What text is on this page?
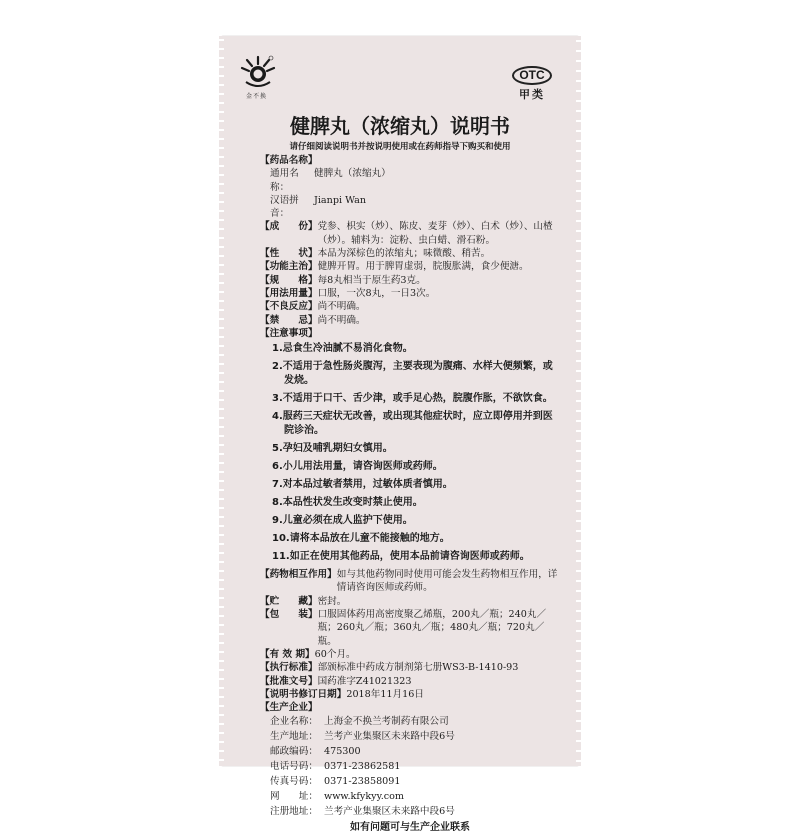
金不换
OTC
甲类
健脾丸（浓缩丸）说明书
请仔细阅读说明书并按说明使用或在药师指导下购买和使用
【药品名称】
通用名称：
健脾丸（浓缩丸）
汉语拼音：
Jianpi Wan
【成　　份】 党参、枳实（炒）、陈皮、麦芽（炒）、白术（炒）、山楂（炒）。辅料为：淀粉、虫白蜡、滑石粉。
【性　　状】 本品为深棕色的浓缩丸；味微酸、稍苦。
【功能主治】 健脾开胃。用于脾胃虚弱，脘腹胀满，食少便溏。
【规　　格】 每8丸相当于原生药3克。
【用法用量】 口服，一次8丸，一日3次。
【不良反应】 尚不明确。
【禁　　忌】 尚不明确。
【注意事项】
1.忌食生冷油腻不易消化食物。
2.不适用于急性肠炎腹泻，主要表现为腹痛、水样大便频繁，或发烧。
3.不适用于口干、舌少津，或手足心热，脘腹作胀，不欲饮食。
4.服药三天症状无改善，或出现其他症状时，应立即停用并到医院诊治。
5.孕妇及哺乳期妇女慎用。
6.小儿用法用量，请咨询医师或药师。
7.对本品过敏者禁用，过敏体质者慎用。
8.本品性状发生改变时禁止使用。
9.儿童必须在成人监护下使用。
10.请将本品放在儿童不能接触的地方。
11.如正在使用其他药品，使用本品前请咨询医师或药师。
【药物相互作用】 如与其他药物同时使用可能会发生药物相互作用，详情请咨询医师或药师。
【贮　　藏】 密封。
【包　　装】 口服固体药用高密度聚乙烯瓶，200丸／瓶；240丸／瓶；260丸／瓶；360丸／瓶；480丸／瓶；720丸／瓶。
【有 效 期】 60个月。
【执行标准】 部颁标准中药成方制剂第七册WS3-B-1410-93
【批准文号】 国药准字Z41021323
【说明书修订日期】 2018年11月16日
【生产企业】
企业名称： 上海金不换兰考制药有限公司
生产地址： 兰考产业集聚区未来路中段6号
邮政编码： 475300
电话号码： 0371-23862581
传真号码： 0371-23858091
网　　址： www.kfykyy.com
注册地址： 兰考产业集聚区未来路中段6号
如有问题可与生产企业联系
